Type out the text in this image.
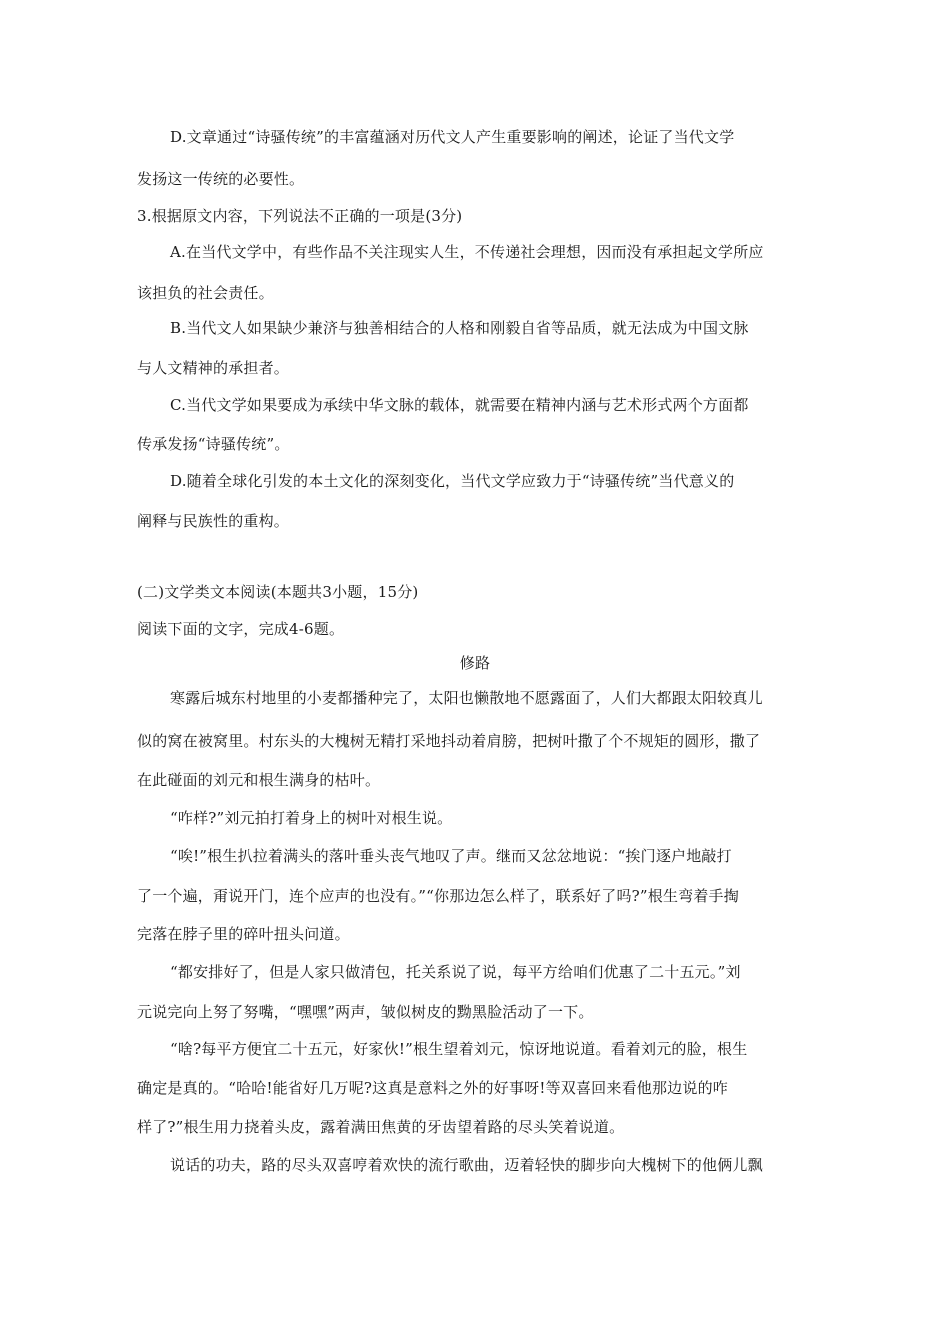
D.文章通过“诗骚传统”的丰富蕴涵对历代文人产生重要影响的阐述，论证了当代文学
发扬这一传统的必要性。
3.根据原文内容，下列说法不正确的一项是(3分)
A.在当代文学中，有些作品不关注现实人生，不传递社会理想，因而没有承担起文学所应
该担负的社会责任。
B.当代文人如果缺少兼济与独善相结合的人格和刚毅自省等品质，就无法成为中国文脉
与人文精神的承担者。
C.当代文学如果要成为承续中华文脉的载体，就需要在精神内涵与艺术形式两个方面都
传承发扬“诗骚传统”。
D.随着全球化引发的本土文化的深刻变化，当代文学应致力于“诗骚传统”当代意义的
阐释与民族性的重构。
(二)文学类文本阅读(本题共3小题，15分)
阅读下面的文字，完成4-6题。
修路
寒露后城东村地里的小麦都播种完了，太阳也懒散地不愿露面了，人们大都跟太阳较真儿
似的窝在被窝里。村东头的大槐树无精打采地抖动着肩膀，把树叶撒了个不规矩的圆形，撒了
在此碰面的刘元和根生满身的枯叶。
“咋样?”刘元拍打着身上的树叶对根生说。
“唉!”根生扒拉着满头的落叶垂头丧气地叹了声。继而又忿忿地说：“挨门逐户地敲打
了一个遍，甭说开门，连个应声的也没有。”“你那边怎么样了，联系好了吗?”根生弯着手掏
完落在脖子里的碎叶扭头问道。
“都安排好了，但是人家只做清包，托关系说了说，每平方给咱们优惠了二十五元。”刘
元说完向上努了努嘴，“嘿嘿”两声，皱似树皮的黝黑脸活动了一下。
“啥?每平方便宜二十五元，好家伙!”根生望着刘元，惊讶地说道。看着刘元的脸，根生
确定是真的。“哈哈!能省好几万呢?这真是意料之外的好事呀!等双喜回来看他那边说的咋
样了?”根生用力挠着头皮，露着满田焦黄的牙齿望着路的尽头笑着说道。
说话的功夫，路的尽头双喜哼着欢快的流行歌曲，迈着轻快的脚步向大槐树下的他俩儿飘
